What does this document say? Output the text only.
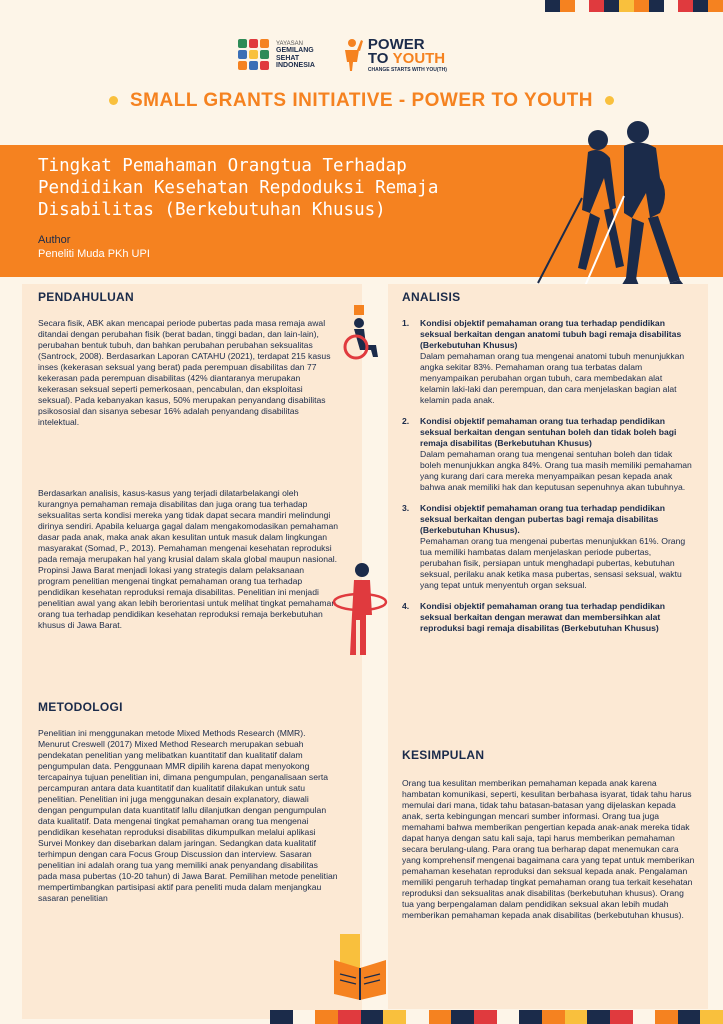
YAYASAN
GEMILANG
SEHAT
INDONESIA
POWER
TO YOUTH
CHANGE STARTS WITH YOU(TH)
SMALL GRANTS INITIATIVE - POWER TO YOUTH
Tingkat Pemahaman Orangtua Terhadap Pendidikan Kesehatan Repdoduksi Remaja Disabilitas (Berkebutuhan Khusus)
Author
Peneliti Muda PKh UPI
PENDAHULUAN
Secara fisik, ABK akan mencapai periode pubertas pada masa remaja awal ditandai dengan perubahan fisik (berat badan, tinggi badan, dan lain-lain), perubahan bentuk tubuh, dan bahkan perubahan perubahan seksualitas (Santrock, 2008). Berdasarkan Laporan CATAHU (2021), terdapat 215 kasus inses (kekerasan seksual yang berat) pada perempuan disabilitas dan 77 kekerasan pada perempuan disabilitas (42% diantaranya merupakan kekerasan seksual seperti pemerkosaan, pencabulan, dan eksploitasi seksual). Pada kebanyakan kasus, 50% merupakan penyandang disabilitas psikososial dan sisanya sebesar 16% adalah penyandang disabilitas intelektual.
Berdasarkan analisis, kasus-kasus yang terjadi dilatarbelakangi oleh kurangnya pemahaman remaja disabilitas dan juga orang tua terhadap seksualitas serta kondisi mereka yang tidak dapat secara mandiri melindungi dirinya sendiri. Apabila keluarga gagal dalam mengakomodasikan pemahaman dasar pada anak, maka anak akan kesulitan untuk masuk dalam lingkungan masyarakat (Somad, P., 2013). Pemahaman mengenai kesehatan reproduksi pada remaja merupakan hal yang krusial dalam skala global maupun nasional. Propinsi Jawa Barat menjadi lokasi yang strategis dalam pelaksanaan program penelitian mengenai tingkat pemahaman orang tua terhadap pendidikan kesehatan reproduksi remaja disabilitas. Penelitian ini menjadi penelitian awal yang akan lebih berorientasi untuk melihat tingkat pemahaman orang tua terhadap pendidikan kesehatan reproduksi remaja berkebutuhan khusus di Jawa Barat.
METODOLOGI
Penelitian ini menggunakan metode Mixed Methods Research (MMR). Menurut Creswell (2017) Mixed Method Research merupakan sebuah pendekatan penelitian yang melibatkan kuantitatif dan kualitatif dalam pengumpulan data. Penggunaan MMR dipilih karena dapat menyokong tercapainya tujuan penelitian ini, dimana pengumpulan, penganalisaan serta percampuran antara data kuantitatif dan kualitatif dilakukan untuk satu penelitian. Penelitian ini juga menggunakan desain explanatory, diawali dengan pengumpulan data kuantitatif lallu dilanjutkan dengan pengumpulan data kualitatif. Data mengenai tingkat pemahaman orang tua mengenai pendidikan kesehatan reproduksi disabilitas dikumpulkan melalui aplikasi Survei Monkey dan disebarkan dalam jaringan. Sedangkan data kualitatif terhimpun dengan cara Focus Group Discussion dan interview. Sasaran penelitian ini adalah orang tua yang memiliki anak penyandang disabilitas pada masa pubertas (10-20 tahun) di Jawa Barat. Pemilihan metode penelitian mempertimbangkan partisipasi aktif para peneliti muda dalam menjangkau sasaran penelitian
ANALISIS
1.	Kondisi objektif pemahaman orang tua terhadap pendidikan seksual berkaitan dengan anatomi tubuh bagi remaja disabilitas (Berkebutuhan Khusus)
Dalam pemahaman orang tua mengenai anatomi tubuh menunjukkan angka sekitar 83%. Pemahaman orang tua terbatas dalam menyampaikan perubahan organ tubuh, cara membedakan alat kelamin laki-laki dan perempuan, dan cara menjelaskan bagian alat kelamin pada anak.
2.	Kondisi objektif pemahaman orang tua terhadap pendidikan seksual berkaitan dengan sentuhan boleh dan tidak boleh bagi remaja disabilitas (Berkebutuhan Khusus)
Dalam pemahaman orang tua mengenai sentuhan boleh dan tidak boleh menunjukkan angka 84%. Orang tua masih memiliki pemahaman yang kurang dari cara mereka menyampaikan pesan kepada anak bahwa anak memiliki hak dan keputusan sepenuhnya akan tubuhnya.
3.	Kondisi objektif pemahaman orang tua terhadap pendidikan seksual berkaitan dengan pubertas bagi remaja disabilitas (Berkebutuhan Khusus).
Pemahaman orang tua mengenai pubertas menunjukkan 61%. Orang tua memiliki hambatas dalam menjelaskan periode pubertas, perubahan fisik, persiapan untuk menghadapi pubertas, kebutuhan seksual, perilaku anak ketika masa pubertas, sensasi seksual, waktu yang tepat untuk menyentuh organ seksual.
4.	Kondisi objektif pemahaman orang tua terhadap pendidikan seksual berkaitan dengan merawat dan membersihkan alat reproduksi bagi remaja disabilitas (Berkebutuhan Khusus)
KESIMPULAN
Orang tua kesulitan memberikan pemahaman kepada anak karena hambatan komunikasi, seperti, kesulitan berbahasa isyarat, tidak tahu harus memulai dari mana, tidak tahu batasan-batasan yang dijelaskan kepada anak, serta kebingungan mencari sumber informasi. Orang tua juga memahami bahwa memberikan pengertian kepada anak-anak mereka tidak dapat hanya dengan satu kali saja, tapi harus memberikan pemahaman secara berulang-ulang. Para orang tua berharap dapat menemukan cara yang komprehensif mengenai bagaimana cara yang tepat untuk memberikan pemahaman kesehatan reproduksi dan seksual kepada anak. Pengalaman memiliki pengaruh terhadap tingkat pemahaman orang tua terkait kesehatan reproduksi dan seksualitas anak disabilitas (berkebutuhan khusus). Orang tua yang berpengalaman dalam pendidikan seksual akan lebih mudah memberikan pemahaman kepada anak disabilitas (berkebutuhan khusus).
